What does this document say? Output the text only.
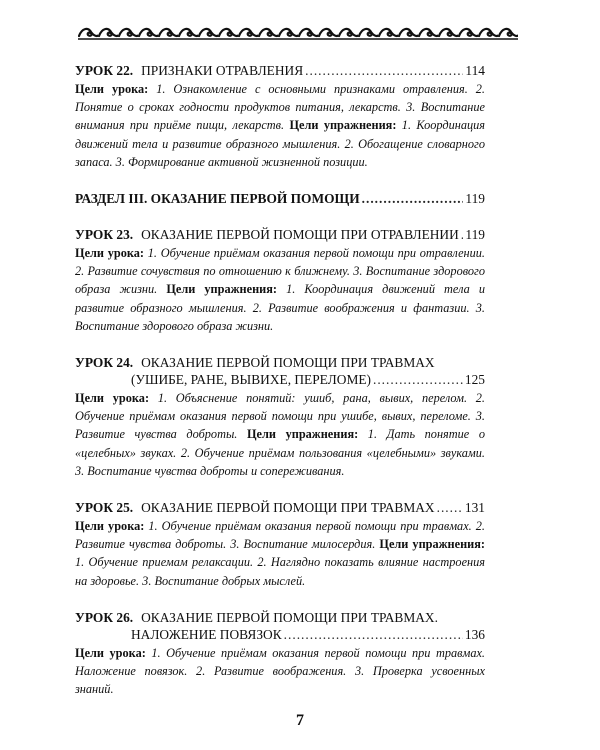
УРОК 22. ПРИЗНАКИ ОТРАВЛЕНИЯ .....	114
Цели урока: 1. Ознакомление с основными признаками отравления. 2. Понятие о сроках годности продуктов питания, лекарств. 3. Воспитание внимания при приёме пищи, лекарств. Цели упражнения: 1. Координация движений тела и развитие образного мышления. 2. Обогащение словарного запаса. 3. Формирование активной жизненной позиции.
РАЗДЕЛ III. ОКАЗАНИЕ ПЕРВОЙ ПОМОЩИ .....	119
УРОК 23. ОКАЗАНИЕ ПЕРВОЙ ПОМОЩИ ПРИ ОТРАВЛЕНИИ ..... 119
Цели урока: 1. Обучение приёмам оказания первой помощи при отравлении. 2. Развитие сочувствия по отношению к ближнему. 3. Воспитание здорового образа жизни. Цели упражнения: 1. Координация движений тела и развитие образного мышления. 2. Развитие воображения и фантазии. 3. Воспитание здорового образа жизни.
УРОК 24. ОКАЗАНИЕ ПЕРВОЙ ПОМОЩИ ПРИ ТРАВМАХ
(УШИБЕ, РАНЕ, ВЫВИХЕ, ПЕРЕЛОМЕ) .....	125
Цели урока: 1. Объяснение понятий: ушиб, рана, вывих, перелом. 2. Обучение приёмам оказания первой помощи при ушибе, вывих, переломе. 3. Развитие чувства доброты. Цели упражнения: 1. Дать понятие о «целебных» звуках. 2. Обучение приёмам пользования «целебными» звуками. 3. Воспитание чувства доброты и сопереживания.
УРОК 25. ОКАЗАНИЕ ПЕРВОЙ ПОМОЩИ ПРИ ТРАВМАХ ..... 131
Цели урока: 1. Обучение приёмам оказания первой помощи при травмах. 2. Развитие чувства доброты. 3. Воспитание милосердия. Цели упражнения: 1. Обучение приемам релаксации. 2. Наглядно показать влияние настроения на здоровье. 3. Воспитание добрых мыслей.
УРОК 26. ОКАЗАНИЕ ПЕРВОЙ ПОМОЩИ ПРИ ТРАВМАХ.
НАЛОЖЕНИЕ ПОВЯЗОК .....	136
Цели урока: 1. Обучение приёмам оказания первой помощи при травмах. Наложение повязок. 2. Развитие воображения. 3. Проверка усвоенных знаний.
7
